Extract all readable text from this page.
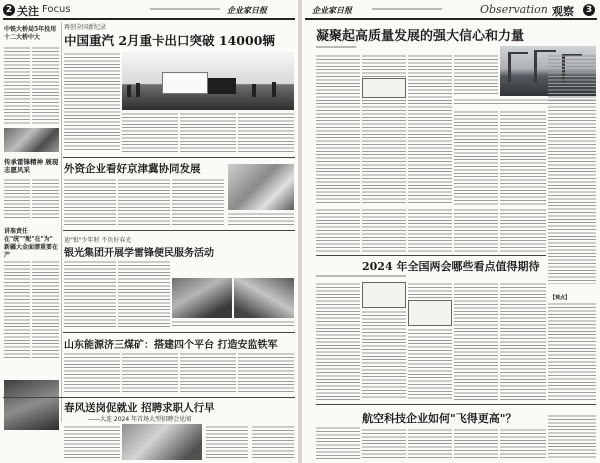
2 关注 Focus	企业家日报
中铁大桥局5年投用十二大桥中大
传承雷锋精神 展现志愿风采
讲准责任 在"统""配"在"为" 新疆大金面漂重要在产
再创全国新纪录
中国重汽 2月重卡出口突破 14000辆
外资企业看好京津冀协同发展
迪"银"少年时 不负好春光
银光集团开展学雷锋便民服务活动
山东能源济三煤矿：搭建四个平台 打造安监铁军
春风送岗促就业 招聘求职人行早
——大连 2024 年首场大型招聘会见闻
企业家日报	Observation 观察	3
凝聚起高质量发展的强大信心和力量
2024 年全国两会哪些看点值得期待
【观点】
航空科技企业如何"飞得更高"？
